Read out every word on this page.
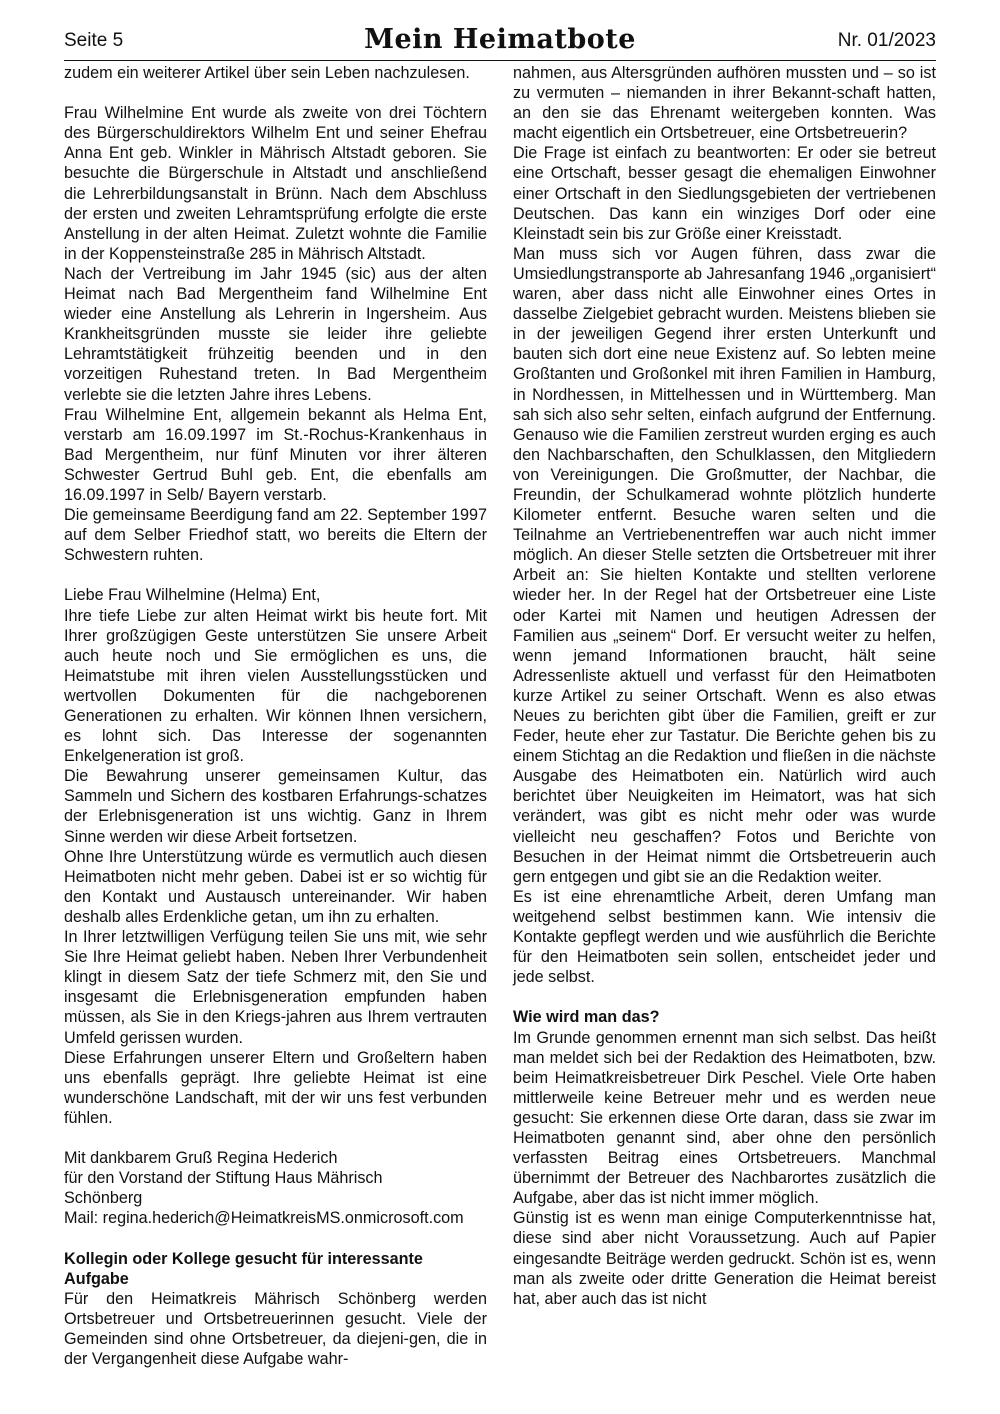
Seite 5	Mein Heimatbote	Nr. 01/2023

zudem ein weiterer Artikel über sein Leben nachzulesen.

Frau Wilhelmine Ent wurde als zweite von drei Töchtern des Bürgerschuldirektors Wilhelm Ent und seiner Ehefrau Anna Ent geb. Winkler in Mährisch Altstadt geboren. Sie besuchte die Bürgerschule in Altstadt und anschließend die Lehrerbildungsanstalt in Brünn. Nach dem Abschluss der ersten und zweiten Lehramtsprüfung erfolgte die erste Anstellung in der alten Heimat. Zuletzt wohnte die Familie in der Koppensteinstraße 285 in Mährisch Altstadt.

Nach der Vertreibung im Jahr 1945 (sic) aus der alten Heimat nach Bad Mergentheim fand Wilhelmine Ent wieder eine Anstellung als Lehrerin in Ingersheim. Aus Krankheitsgründen musste sie leider ihre geliebte Lehramtstätigkeit frühzeitig beenden und in den vorzeitigen Ruhestand treten. In Bad Mergentheim verlebte sie die letzten Jahre ihres Lebens.

Frau Wilhelmine Ent, allgemein bekannt als Helma Ent, verstarb am 16.09.1997 im St.-Rochus-Krankenhaus in Bad Mergentheim, nur fünf Minuten vor ihrer älteren Schwester Gertrud Buhl geb. Ent, die ebenfalls am 16.09.1997 in Selb/ Bayern verstarb.

Die gemeinsame Beerdigung fand am 22. September 1997 auf dem Selber Friedhof statt, wo bereits die Eltern der Schwestern ruhten.

Liebe Frau Wilhelmine (Helma) Ent,

Ihre tiefe Liebe zur alten Heimat wirkt bis heute fort. Mit Ihrer großzügigen Geste unterstützen Sie unsere Arbeit auch heute noch und Sie ermöglichen es uns, die Heimatstube mit ihren vielen Ausstellungsstücken und wertvollen Dokumenten für die nachgeborenen Generationen zu erhalten. Wir können Ihnen versichern, es lohnt sich. Das Interesse der sogenannten Enkelgeneration ist groß.

Die Bewahrung unserer gemeinsamen Kultur, das Sammeln und Sichern des kostbaren Erfahrungs-schatzes der Erlebnisgeneration ist uns wichtig. Ganz in Ihrem Sinne werden wir diese Arbeit fortsetzen.

Ohne Ihre Unterstützung würde es vermutlich auch diesen Heimatboten nicht mehr geben. Dabei ist er so wichtig für den Kontakt und Austausch untereinander. Wir haben deshalb alles Erdenkliche getan, um ihn zu erhalten.

In Ihrer letztwilligen Verfügung teilen Sie uns mit, wie sehr Sie Ihre Heimat geliebt haben. Neben Ihrer Verbundenheit klingt in diesem Satz der tiefe Schmerz mit, den Sie und insgesamt die Erlebnisgeneration empfunden haben müssen, als Sie in den Kriegs-jahren aus Ihrem vertrauten Umfeld gerissen wurden.

Diese Erfahrungen unserer Eltern und Großeltern haben uns ebenfalls geprägt. Ihre geliebte Heimat ist eine wunderschöne Landschaft, mit der wir uns fest verbunden fühlen.

Mit dankbarem Gruß Regina Hederich
für den Vorstand der Stiftung Haus Mährisch
Schönberg
Mail: regina.hederich@HeimatkreisMS.onmicrosoft.com

Kollegin oder Kollege gesucht für interessante Aufgabe

Für den Heimatkreis Mährisch Schönberg werden Ortsbetreuer und Ortsbetreuerinnen gesucht. Viele der Gemeinden sind ohne Ortsbetreuer, da diejeni-gen, die in der Vergangenheit diese Aufgabe wahr-

nahmen, aus Altersgründen aufhören mussten und – so ist zu vermuten – niemanden in ihrer Bekannt-schaft hatten, an den sie das Ehrenamt weitergeben konnten. Was macht eigentlich ein Ortsbetreuer, eine Ortsbetreuerin?

Die Frage ist einfach zu beantworten: Er oder sie betreut eine Ortschaft, besser gesagt die ehemaligen Einwohner einer Ortschaft in den Siedlungsgebieten der vertriebenen Deutschen. Das kann ein winziges Dorf oder eine Kleinstadt sein bis zur Größe einer Kreisstadt.

Man muss sich vor Augen führen, dass zwar die Umsiedlungstransporte ab Jahresanfang 1946 „organisiert“ waren, aber dass nicht alle Einwohner eines Ortes in dasselbe Zielgebiet gebracht wurden. Meistens blieben sie in der jeweiligen Gegend ihrer ersten Unterkunft und bauten sich dort eine neue Existenz auf. So lebten meine Großtanten und Großonkel mit ihren Familien in Hamburg, in Nordhessen, in Mittelhessen und in Württemberg. Man sah sich also sehr selten, einfach aufgrund der Entfernung. Genauso wie die Familien zerstreut wurden erging es auch den Nachbarschaften, den Schulklassen, den Mitgliedern von Vereinigungen. Die Großmutter, der Nachbar, die Freundin, der Schulkamerad wohnte plötzlich hunderte Kilometer entfernt. Besuche waren selten und die Teilnahme an Vertriebenentreffen war auch nicht immer möglich. An dieser Stelle setzten die Ortsbetreuer mit ihrer Arbeit an: Sie hielten Kontakte und stellten verlorene wieder her. In der Regel hat der Ortsbetreuer eine Liste oder Kartei mit Namen und heutigen Adressen der Familien aus „seinem“ Dorf. Er versucht weiter zu helfen, wenn jemand Informationen braucht, hält seine Adressenliste aktuell und verfasst für den Heimatboten kurze Artikel zu seiner Ortschaft. Wenn es also etwas Neues zu berichten gibt über die Familien, greift er zur Feder, heute eher zur Tastatur. Die Berichte gehen bis zu einem Stichtag an die Redaktion und fließen in die nächste Ausgabe des Heimatboten ein. Natürlich wird auch berichtet über Neuigkeiten im Heimatort, was hat sich verändert, was gibt es nicht mehr oder was wurde vielleicht neu geschaffen? Fotos und Berichte von Besuchen in der Heimat nimmt die Ortsbetreuerin auch gern entgegen und gibt sie an die Redaktion weiter.

Es ist eine ehrenamtliche Arbeit, deren Umfang man weitgehend selbst bestimmen kann. Wie intensiv die Kontakte gepflegt werden und wie ausführlich die Berichte für den Heimatboten sein sollen, entscheidet jeder und jede selbst.

Wie wird man das?

Im Grunde genommen ernennt man sich selbst. Das heißt man meldet sich bei der Redaktion des Heimatboten, bzw. beim Heimatkreisbetreuer Dirk Peschel. Viele Orte haben mittlerweile keine Betreuer mehr und es werden neue gesucht: Sie erkennen diese Orte daran, dass sie zwar im Heimatboten genannt sind, aber ohne den persönlich verfassten Beitrag eines Ortsbetreuers. Manchmal übernimmt der Betreuer des Nachbarortes zusätzlich die Aufgabe, aber das ist nicht immer möglich.

Günstig ist es wenn man einige Computerkenntnisse hat, diese sind aber nicht Voraussetzung. Auch auf Papier eingesandte Beiträge werden gedruckt. Schön ist es, wenn man als zweite oder dritte Generation die Heimat bereist hat, aber auch das ist nicht
